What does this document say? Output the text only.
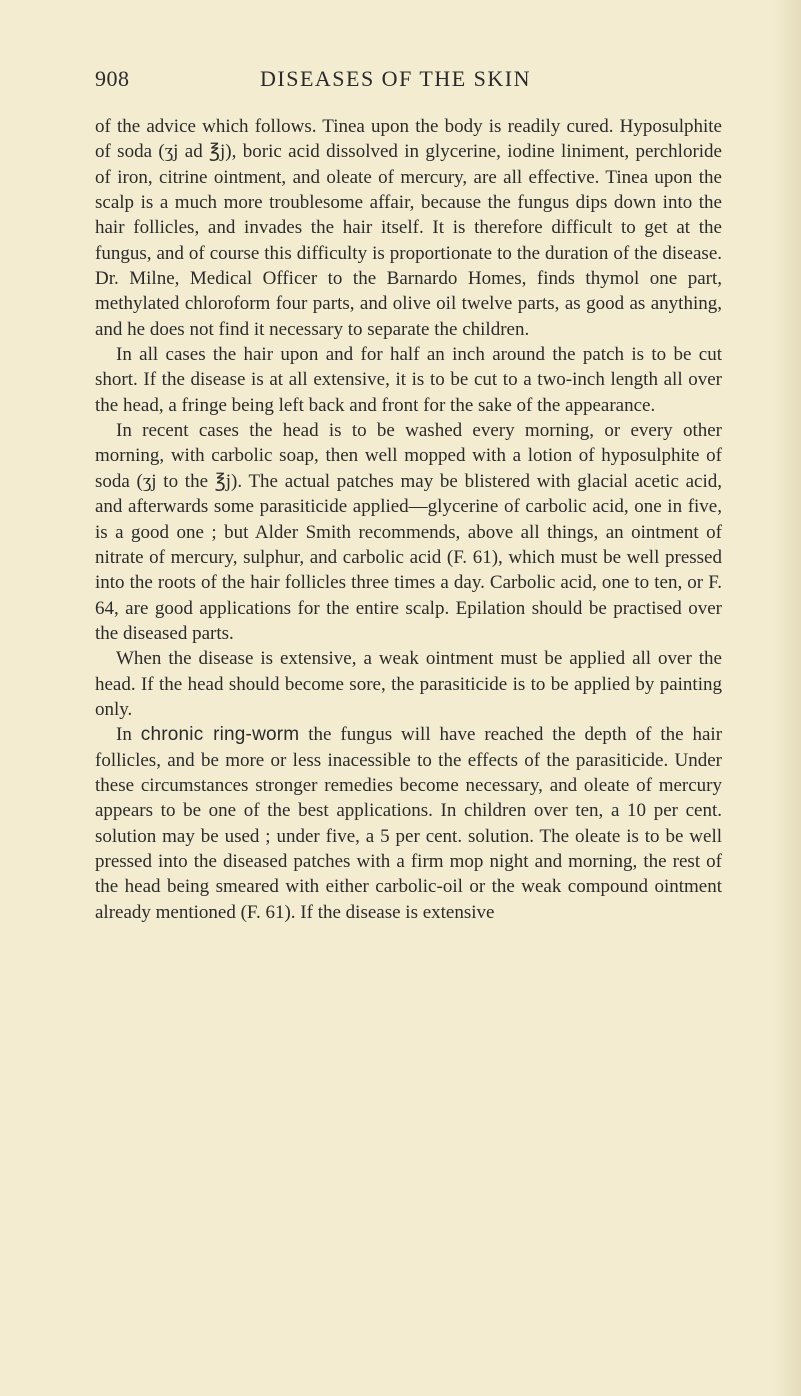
908	DISEASES OF THE SKIN

of the advice which follows. Tinea upon the body is readily cured. Hyposulphite of soda (ʒj ad ℥j), boric acid dissolved in glycerine, iodine liniment, perchloride of iron, citrine ointment, and oleate of mercury, are all effective. Tinea upon the scalp is a much more troublesome affair, because the fungus dips down into the hair follicles, and invades the hair itself. It is therefore difficult to get at the fungus, and of course this difficulty is proportionate to the duration of the disease. Dr. Milne, Medical Officer to the Barnardo Homes, finds thymol one part, methylated chloroform four parts, and olive oil twelve parts, as good as anything, and he does not find it necessary to separate the children.

In all cases the hair upon and for half an inch around the patch is to be cut short. If the disease is at all extensive, it is to be cut to a two-inch length all over the head, a fringe being left back and front for the sake of the appearance.

In recent cases the head is to be washed every morning, or every other morning, with carbolic soap, then well mopped with a lotion of hyposulphite of soda (ʒj to the ℥j). The actual patches may be blistered with glacial acetic acid, and afterwards some parasiticide applied—glycerine of carbolic acid, one in five, is a good one ; but Alder Smith recommends, above all things, an ointment of nitrate of mercury, sulphur, and carbolic acid (F. 61), which must be well pressed into the roots of the hair follicles three times a day. Carbolic acid, one to ten, or F. 64, are good applications for the entire scalp. Epilation should be practised over the diseased parts.

When the disease is extensive, a weak ointment must be applied all over the head. If the head should become sore, the parasiticide is to be applied by painting only.

In chronic ring-worm the fungus will have reached the depth of the hair follicles, and be more or less inacessible to the effects of the parasiticide. Under these circumstances stronger remedies become necessary, and oleate of mercury appears to be one of the best applications. In children over ten, a 10 per cent. solution may be used ; under five, a 5 per cent. solution. The oleate is to be well pressed into the diseased patches with a firm mop night and morning, the rest of the head being smeared with either carbolic-oil or the weak compound ointment already mentioned (F. 61). If the disease is extensive
